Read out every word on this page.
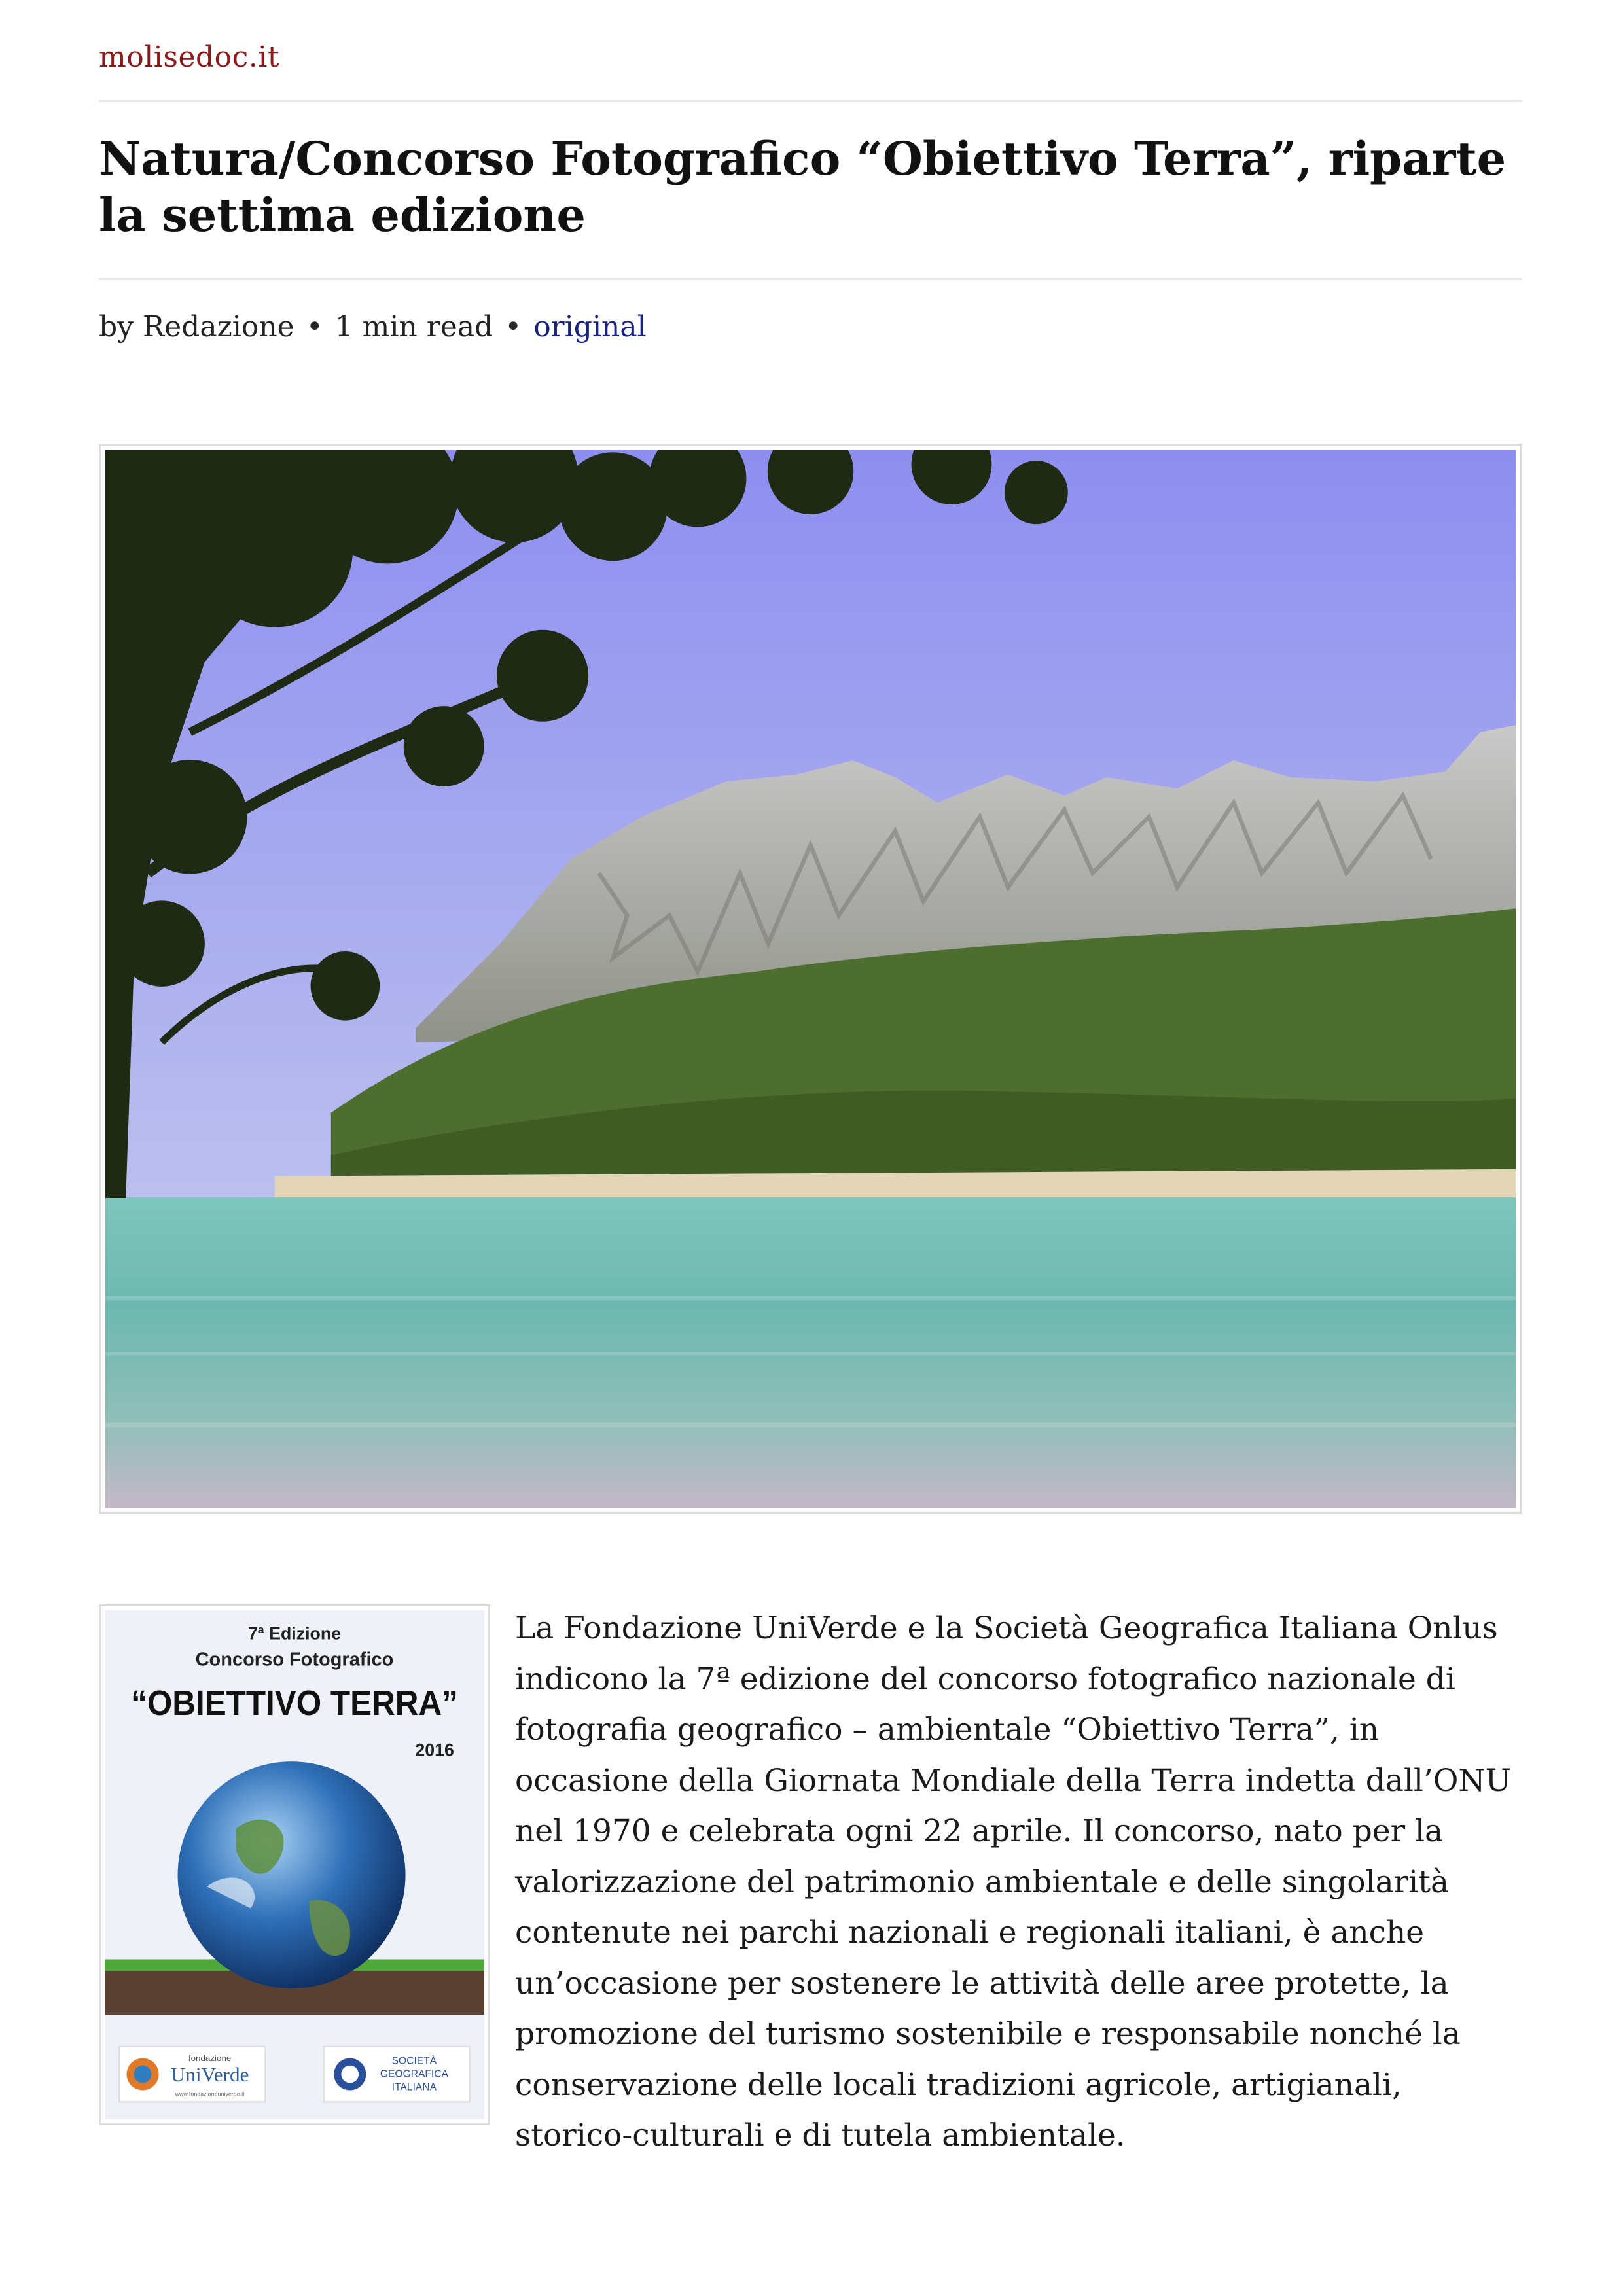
molisedoc.it
Natura/Concorso Fotografico “Obiettivo Terra”, riparte la settima edizione
by Redazione • 1 min read • original
7ª Edizione
Concorso Fotografico
“OBIETTIVO TERRA”
2016
fondazione
UniVerde
www.fondazioneuniverde.it
SOCIETÀ
GEOGRAFICA
ITALIANA

La Fondazione UniVerde e la Società Geografica Italiana Onlus indicono la 7ª edizione del concorso fotografico nazionale di fotografia geografico – ambientale “Obiettivo Terra”, in occasione della Giornata Mondiale della Terra indetta dall’ONU nel 1970 e celebrata ogni 22 aprile. Il concorso, nato per la valorizzazione del patrimonio ambientale e delle singolarità contenute nei parchi nazionali e regionali italiani, è anche un’occasione per sostenere le attività delle aree protette, la promozione del turismo sostenibile e responsabile nonché la conservazione delle locali tradizioni agricole, artigianali, storico-culturali e di tutela ambientale.
